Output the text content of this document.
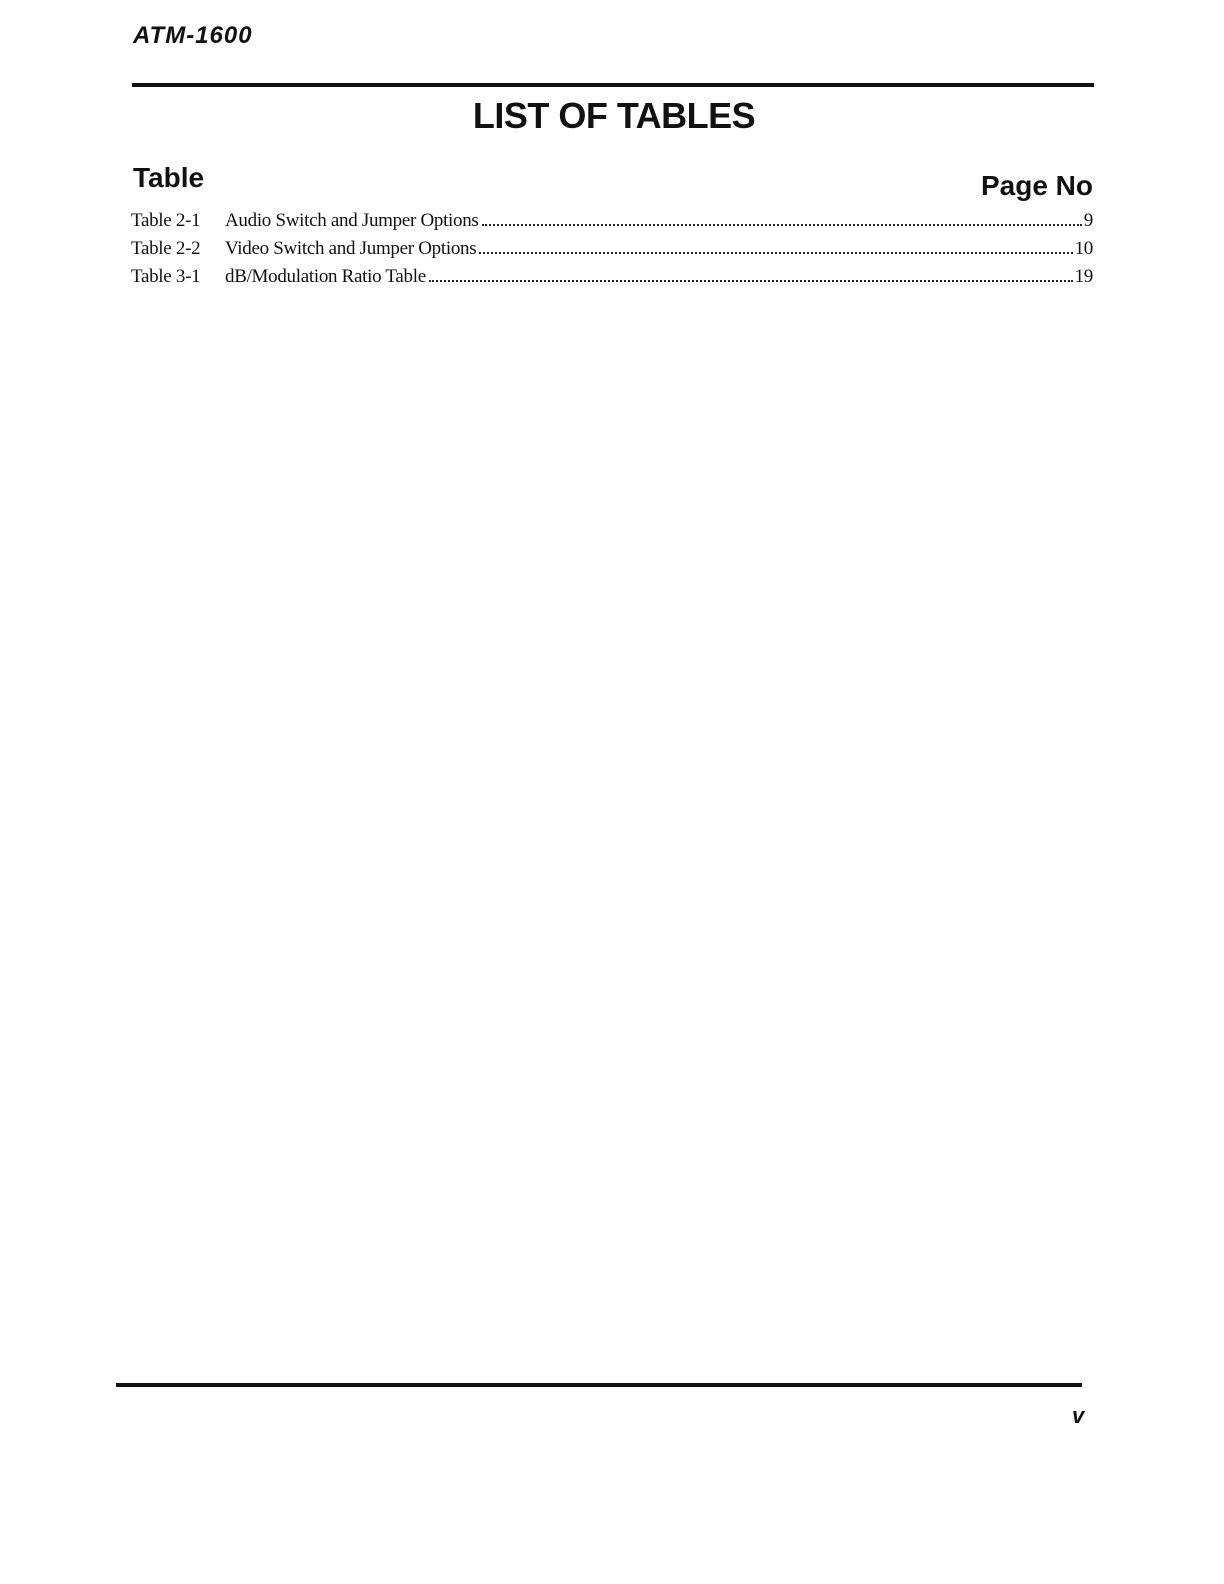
ATM-1600
LIST OF TABLES
Table	Page No
Table 2-1	Audio Switch and Jumper Options	9
Table 2-2	Video Switch and Jumper Options	10
Table 3-1	dB/Modulation Ratio Table	19
v
